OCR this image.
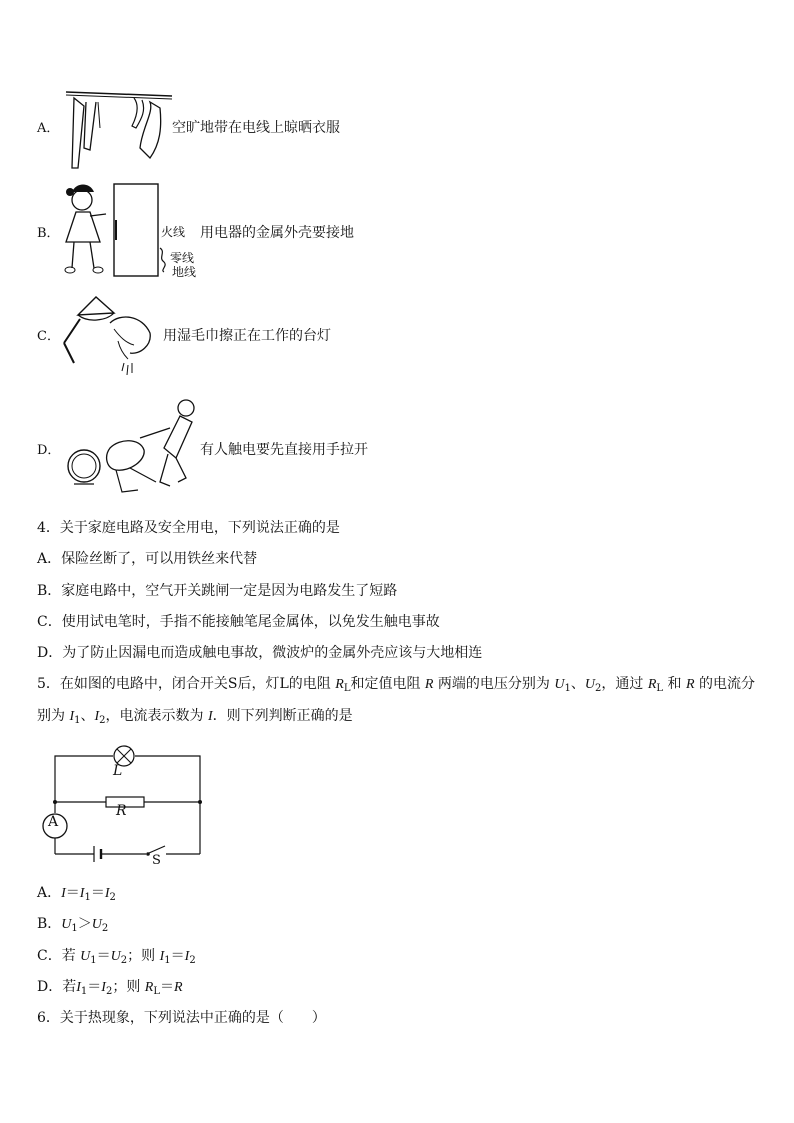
A．	空旷地带在电线上晾晒衣服
B．	火线
零线
地线
用电器的金属外壳要接地
C．	用湿毛巾擦正在工作的台灯
D．	有人触电要先直接用手拉开
4．关于家庭电路及安全用电，下列说法正确的是
A．保险丝断了，可以用铁丝来代替
B．家庭电路中，空气开关跳闸一定是因为电路发生了短路
C．使用试电笔时，手指不能接触笔尾金属体，以免发生触电事故
D．为了防止因漏电而造成触电事故，微波炉的金属外壳应该与大地相连
5．在如图的电路中，闭合开关S后，灯L的电阻 $R_L$和定值电阻 R 两端的电压分别为 $U_1$、$U_2$，通过 $R_L$ 和 R 的电流分
别为 $I_1$、$I_2$，电流表示数为 I．则下列判断正确的是
L
R
A
S
A．$I=I_1=I_2$
B．$U_1>U_2$
C．若 $U_1=U_2$；则 $I_1=I_2$
D．若$I_1=I_2$；则 $R_L=R$
6．关于热现象，下列说法中正确的是（　　）
